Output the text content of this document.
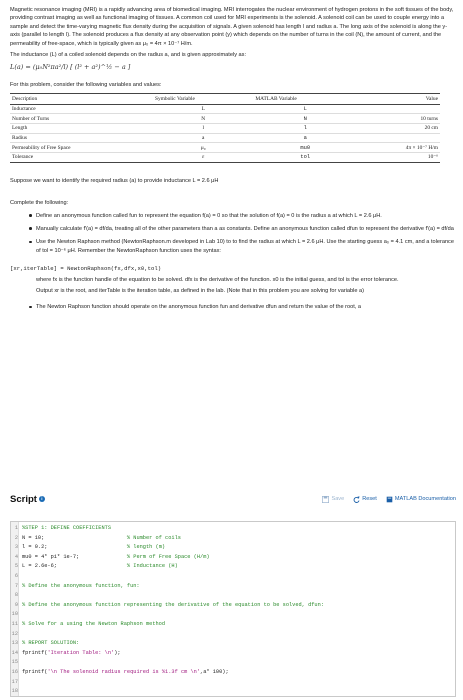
Magnetic resonance imaging (MRI) is a rapidly advancing area of biomedical imaging. MRI interrogates the nuclear environment of hydrogen protons in the soft tissues of the body, providing contrast imaging as well as functional imaging of tissues. A common coil used for MRI experiments is the solenoid. A solenoid coil can be used to couple energy into a sample and detect the time-varying magnetic flux density during the acquisition of signals. A given solenoid has length l and radius a. The long axis of the solenoid is along the y-axis (parallel to length l). The solenoid produces a flux density at any observation point (y) which depends on the number of turns in the coil (N), the amount of current, and the permeability of free-space, which is typically given as μ₀ = 4π × 10⁻⁷ H/m.

The inductance (L) of a coiled solenoid depends on the radius a, and is given approximately as:

L(a) = (μ₀N²πa²/l) [ (l² + a²)^½ − a ]

For this problem, consider the following variables and values:

Description	Symbolic Variable	MATLAB Variable	Value
Inductance	L	L	
Number of Turns	N	N	10 turns
Length	l	l	20 cm
Radius	a	a	
Permeability of Free Space	μ₀	mu0	4π × 10⁻⁷ H/m
Tolerance	ε	tol	10⁻⁶

Suppose we want to identify the required radius (a) to provide inductance L = 2.6 μH

Complete the following:

Define an anonymous function called fun to represent the equation f(a) = 0 so that the solution of f(a) = 0 is the radius a at which L = 2.6 μH.
Manually calculate f′(a) = df/da, treating all of the other parameters than a as constants. Define an anonymous function called dfun to represent the derivative f′(a) = df/da
Use the Newton Raphson method (NewtonRaphson.m developed in Lab 10) to to find the radius at which L = 2.6 μH. Use the starting guess a₀ = 4.1 cm, and a tolerance of tol = 10⁻⁶ μH. Remember the NewtonRaphson function uses the syntax:
[xr,iterTable] = NewtonRaphson(fx,dfx,x0,tol)

where fx is the function handle of the equation to be solved. dfx is the derivative of the function. x0 is the initial guess, and tol is the error tolerance.

Output xr is the root, and iterTable is the iteration table, as defined in the lab. (Note that in this problem you are solving for variable a)

The Newton Raphson function should operate on the anonymous function fun and derivative dfun and return the value of the root, a
Script i	Save	Reset	MATLAB Documentation
1 %STEP 1: DEFINE COEFFICIENTS
2 N = 10;                          % Number of coils
3 l = 0.2;                         % length (m)
4 mu0 = 4* pi* 1e-7;               % Perm of Free Space (H/m)
5 L = 2.6e-6;                      % Inductance (H)
6
7 % Define the anonymous function, fun:
8
9 % Define the anonymous function representing the derivative of the equation to be solved, dfun:
10
11 % Solve for a using the Newton Raphson method
12
13 % REPORT SOLUTION:
14 fprintf('Iteration Table: \n');
15
16 fprintf('\n The solenoid radius required is %1.3f cm \n',a* 100);
17
18
